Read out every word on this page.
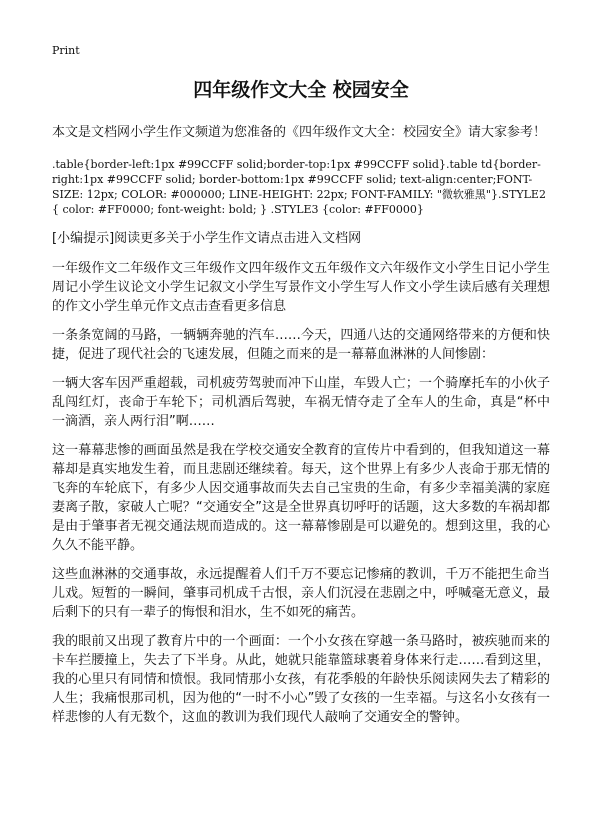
Print
四年级作文大全 校园安全

本文是文档网小学生作文频道为您准备的《四年级作文大全：校园安全》请大家参考！

.table{border-left:1px #99CCFF solid;border-top:1px #99CCFF solid}.table td{border-right:1px #99CCFF solid; border-bottom:1px #99CCFF solid; text-align:center;FONT-SIZE: 12px; COLOR: #000000; LINE-HEIGHT: 22px; FONT-FAMILY: "微软雅黑"}.STYLE2 { color: #FF0000; font-weight: bold; } .STYLE3 {color: #FF0000}

[小编提示]阅读更多关于小学生作文请点击进入文档网

一年级作文二年级作文三年级作文四年级作文五年级作文六年级作文小学生日记小学生周记小学生议论文小学生记叙文小学生写景作文小学生写人作文小学生读后感有关理想的作文小学生单元作文点击查看更多信息

一条条宽阔的马路，一辆辆奔驰的汽车……今天，四通八达的交通网络带来的方便和快捷，促进了现代社会的飞速发展，但随之而来的是一幕幕血淋淋的人间惨剧：

一辆大客车因严重超载，司机疲劳驾驶而冲下山崖，车毁人亡；一个骑摩托车的小伙子乱闯红灯，丧命于车轮下；司机酒后驾驶，车祸无情夺走了全车人的生命，真是“杯中一滴酒，亲人两行泪”啊……

这一幕幕悲惨的画面虽然是我在学校交通安全教育的宣传片中看到的，但我知道这一幕幕却是真实地发生着，而且悲剧还继续着。每天，这个世界上有多少人丧命于那无情的飞奔的车轮底下，有多少人因交通事故而失去自己宝贵的生命，有多少幸福美满的家庭妻离子散，家破人亡呢？“交通安全”这是全世界真切呼吁的话题，这大多数的车祸却都是由于肇事者无视交通法规而造成的。这一幕幕惨剧是可以避免的。想到这里，我的心久久不能平静。

这些血淋淋的交通事故，永远提醒着人们千万不要忘记惨痛的教训，千万不能把生命当儿戏。短暂的一瞬间，肇事司机成千古恨，亲人们沉浸在悲剧之中，呼喊毫无意义，最后剩下的只有一辈子的悔恨和泪水，生不如死的痛苦。

我的眼前又出现了教育片中的一个画面：一个小女孩在穿越一条马路时，被疾驰而来的卡车拦腰撞上，失去了下半身。从此，她就只能靠篮球裹着身体来行走……看到这里，我的心里只有同情和愤恨。我同情那小女孩，有花季般的年龄快乐阅读网失去了精彩的人生；我痛恨那司机，因为他的“一时不小心”毁了女孩的一生幸福。与这名小女孩有一样悲惨的人有无数个，这血的教训为我们现代人敲响了交通安全的警钟。
